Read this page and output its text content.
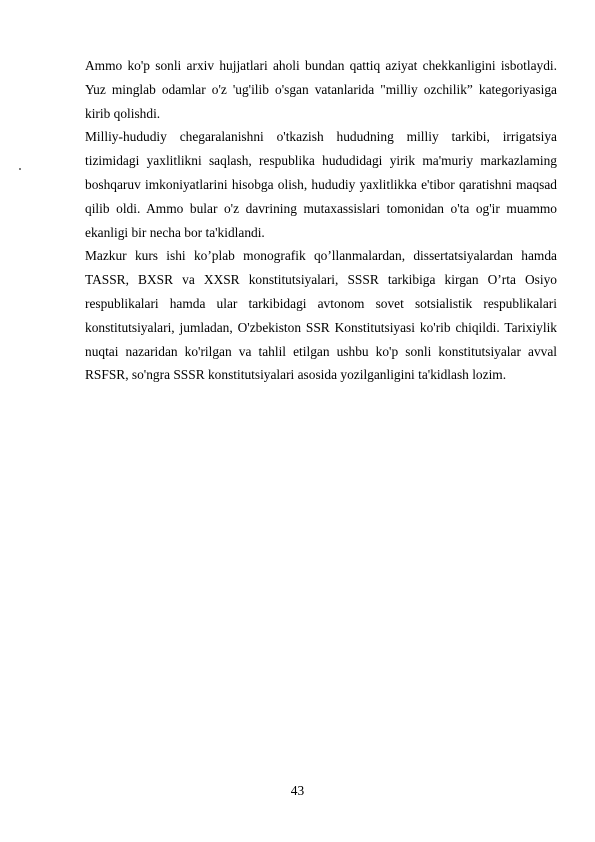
Ammo ko'p sonli arxiv hujjatlari aholi bundan qattiq aziyat chekkanligini isbotlaydi. Yuz minglab odamlar o'z 'ug'ilib o'sgan vatanlarida "milliy ozchilik” kategoriyasiga kirib qolishdi.

Milliy-hududiy chegaralanishni o'tkazish hududning milliy tarkibi, irrigatsiya tizimidagi yaxlitlikni saqlash, respublika hududidagi yirik ma'muriy markazlaming boshqaruv imkoniyatlarini hisobga olish, hududiy yaxlitlikka e'tibor qaratishni maqsad qilib oldi. Ammo bular o'z davrining mutaxassislari tomonidan o'ta og'ir muammo ekanligi bir necha bor ta'kidlandi.

Mazkur kurs ishi ko’plab monografik qo’llanmalardan, dissertatsiyalardan hamda TASSR, BXSR va XXSR konstitutsiyalari, SSSR tarkibiga kirgan O’rta Osiyo respublikalari hamda ular tarkibidagi avtonom sovet sotsialistik respublikalari konstitutsiyalari, jumladan, O'zbekiston SSR Konstitutsiyasi ko'rib chiqildi. Tarixiylik nuqtai nazaridan ko'rilgan va tahlil etilgan ushbu ko'p sonli konstitutsiyalar avval RSFSR, so'ngra SSSR konstitutsiyalari asosida yozilganligini ta'kidlash lozim.

43
